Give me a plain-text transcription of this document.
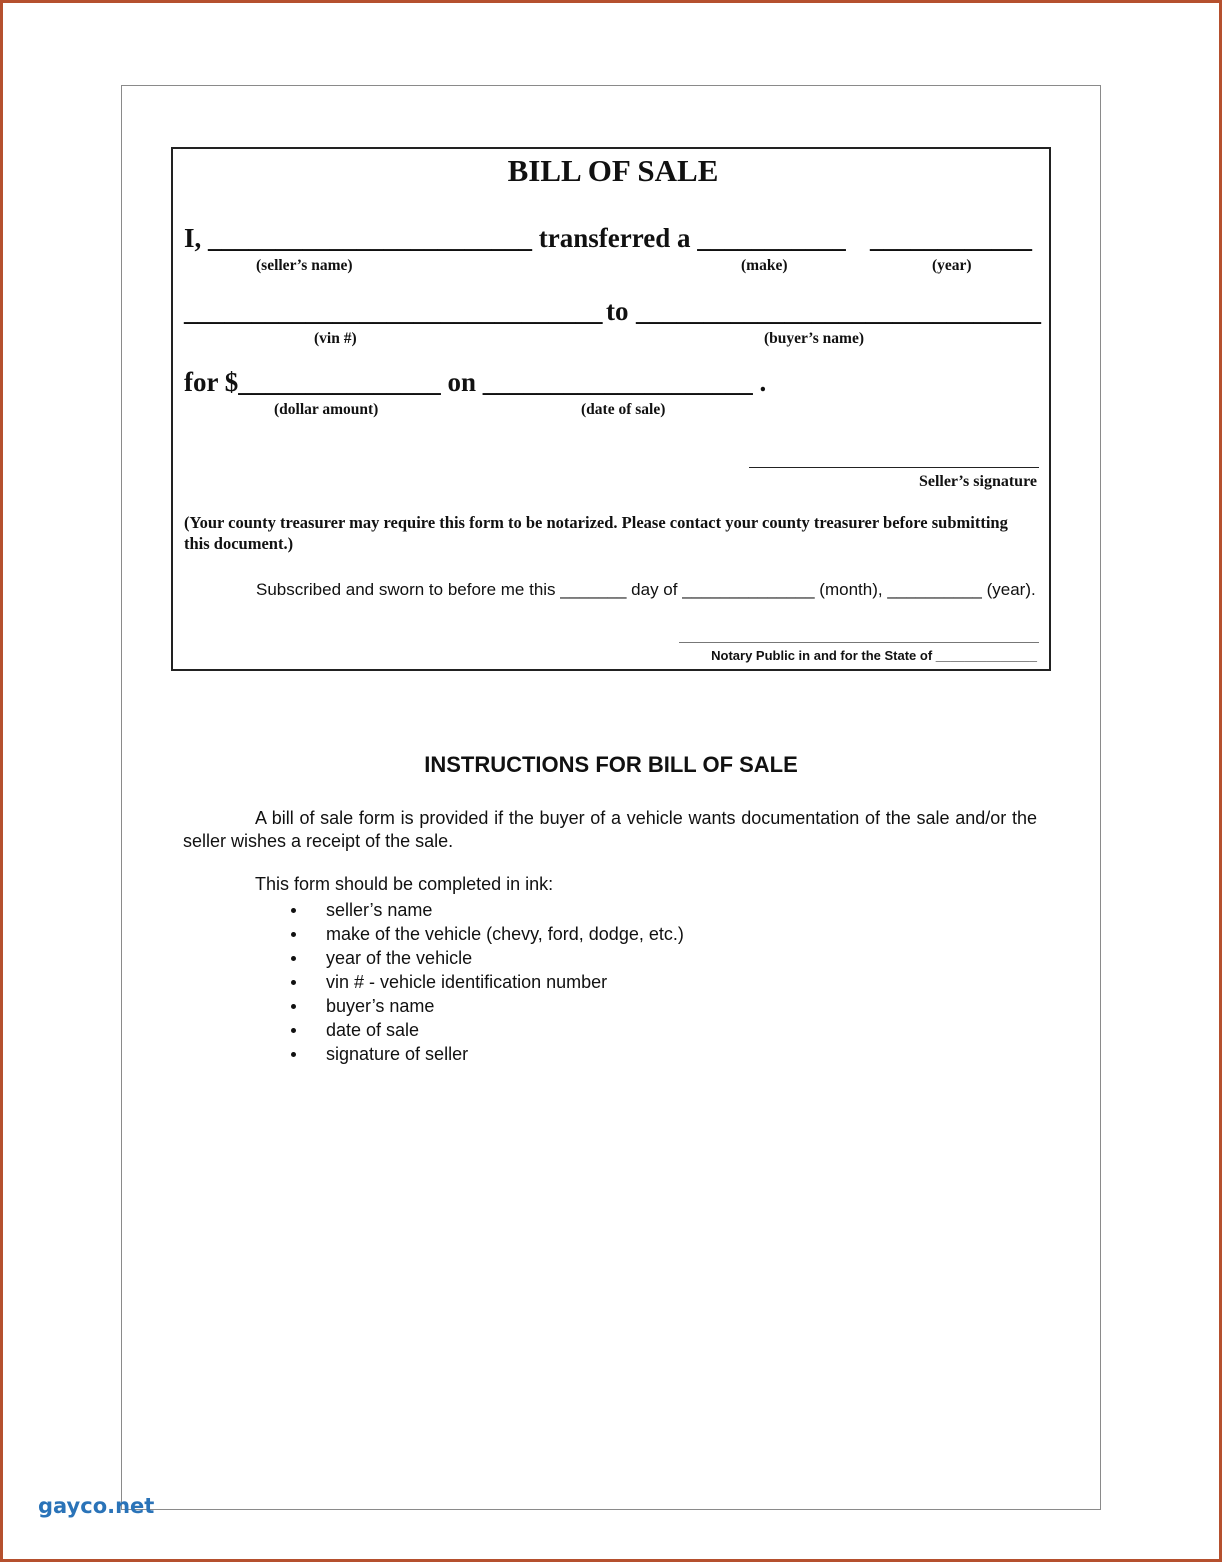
BILL OF SALE
I, ________________________ transferred a ___________ ____________
(seller’s name)	(make)	(year)
_______________________________ to ______________________________
(vin #)	(buyer’s name)
for $_______________ on ____________________ .
(dollar amount)	(date of sale)
Seller’s signature
(Your county treasurer may require this form to be notarized. Please contact your county treasurer before submitting this document.)
Subscribed and sworn to before me this _______ day of ______________ (month), __________ (year).
Notary Public in and for the State of ______________
INSTRUCTIONS FOR BILL OF SALE
A bill of sale form is provided if the buyer of a vehicle wants documentation of the sale and/or the seller wishes a receipt of the sale.
This form should be completed in ink:
seller’s name
make of the vehicle (chevy, ford, dodge, etc.)
year of the vehicle
vin # - vehicle identification number
buyer’s name
date of sale
signature of seller
gayco.net
